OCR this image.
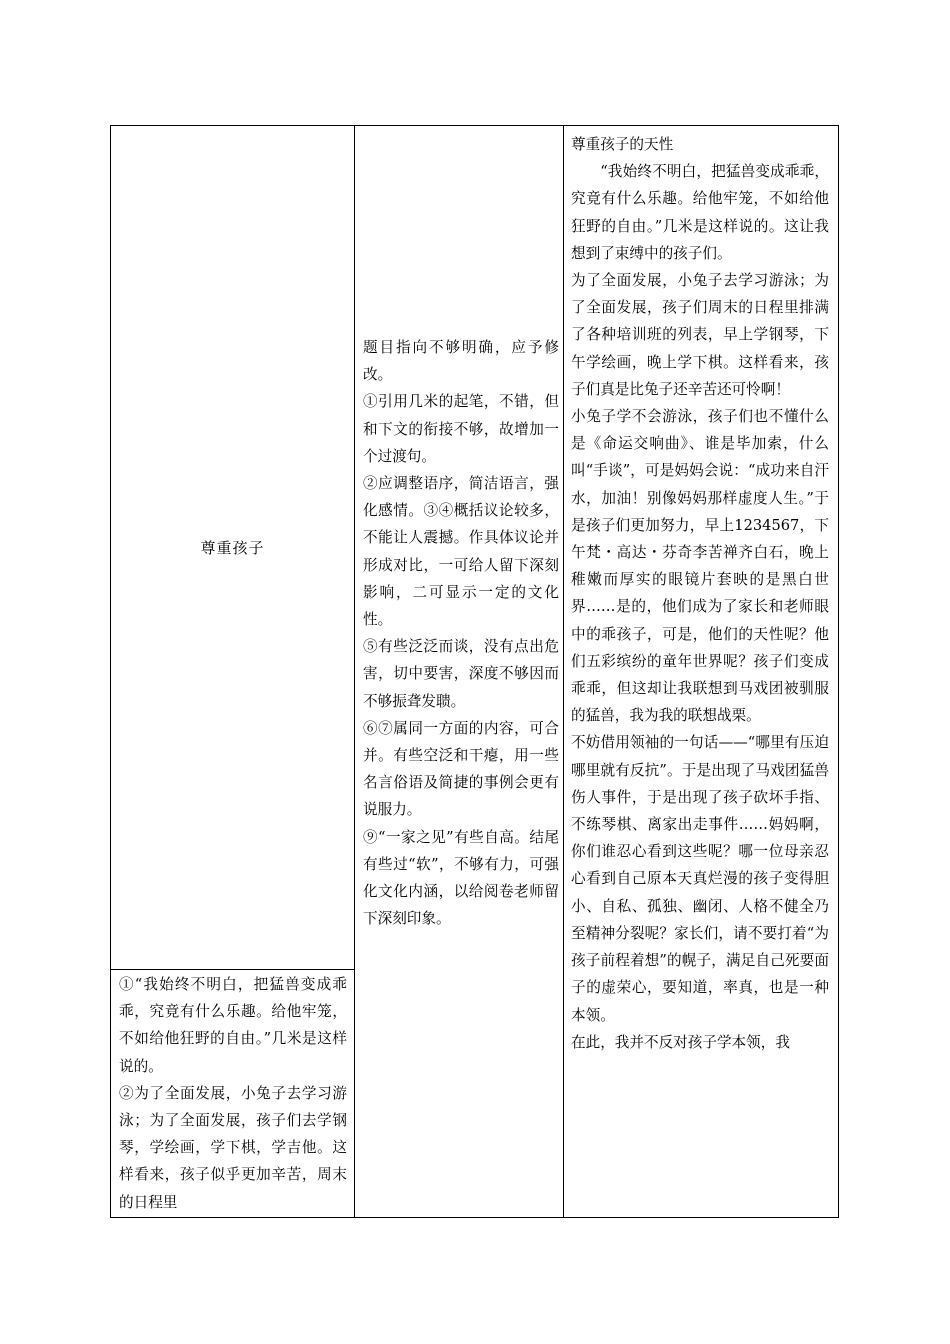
尊重孩子

①“我始终不明白，把猛兽变成乖乖，究竟有什么乐趣。给他牢笼，不如给他狂野的自由。”几米是这样说的。

②为了全面发展，小兔子去学习游泳；为了全面发展，孩子们去学钢琴，学绘画，学下棋，学吉他。这样看来，孩子似乎更加辛苦，周末的日程里

题目指向不够明确，应予修改。

①引用几米的起笔，不错，但和下文的衔接不够，故增加一个过渡句。

②应调整语序，简洁语言，强化感情。③④概括议论较多，不能让人震撼。作具体议论并形成对比，一可给人留下深刻影响，二可显示一定的文化性。

⑤有些泛泛而谈，没有点出危害，切中要害，深度不够因而不够振聋发聩。

⑥⑦属同一方面的内容，可合并。有些空泛和干瘪，用一些名言俗语及简捷的事例会更有说服力。

⑨“一家之见”有些自高。结尾有些过“软”，不够有力，可强化文化内涵，以给阅卷老师留下深刻印象。

尊重孩子的天性

“我始终不明白，把猛兽变成乖乖，究竟有什么乐趣。给他牢笼，不如给他狂野的自由。”几米是这样说的。这让我想到了束缚中的孩子们。

为了全面发展，小兔子去学习游泳；为了全面发展，孩子们周末的日程里排满了各种培训班的列表，早上学钢琴，下午学绘画，晚上学下棋。这样看来，孩子们真是比兔子还辛苦还可怜啊！

小兔子学不会游泳，孩子们也不懂什么是《命运交响曲》、谁是毕加索，什么叫“手谈”，可是妈妈会说：“成功来自汗水，加油！别像妈妈那样虚度人生。”于是孩子们更加努力，早上1234567，下午梵・高达・芬奇李苦禅齐白石，晚上稚嫩而厚实的眼镜片套映的是黑白世界……是的，他们成为了家长和老师眼中的乖孩子，可是，他们的天性呢？他们五彩缤纷的童年世界呢？孩子们变成乖乖，但这却让我联想到马戏团被驯服的猛兽，我为我的联想战栗。

不妨借用领袖的一句话——“哪里有压迫哪里就有反抗”。于是出现了马戏团猛兽伤人事件，于是出现了孩子砍坏手指、不练琴棋、离家出走事件……妈妈啊，你们谁忍心看到这些呢？哪一位母亲忍心看到自己原本天真烂漫的孩子变得胆小、自私、孤独、幽闭、人格不健全乃至精神分裂呢？家长们，请不要打着“为孩子前程着想”的幌子，满足自己死要面子的虚荣心，要知道，率真，也是一种本领。

在此，我并不反对孩子学本领，我
